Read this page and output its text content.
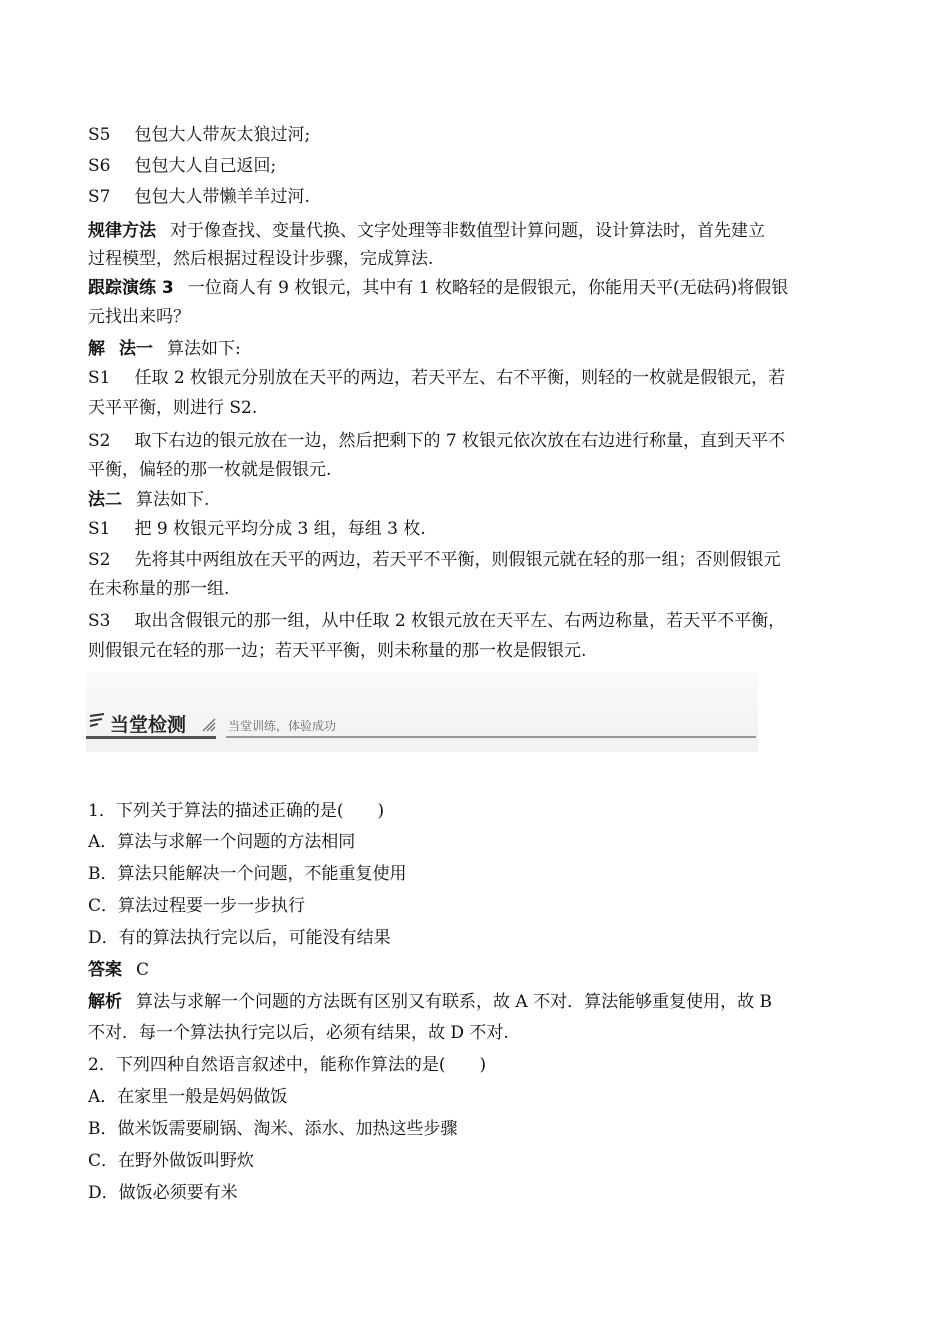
S5 包包大人带灰太狼过河;
S6 包包大人自己返回;
S7 包包大人带懒羊羊过河.
规律方法 对于像查找、变量代换、文字处理等非数值型计算问题，设计算法时，首先建立
过程模型，然后根据过程设计步骤，完成算法.
跟踪演练 3 一位商人有 9 枚银元，其中有 1 枚略轻的是假银元，你能用天平(无砝码)将假银
元找出来吗？
解 法一 算法如下:
S1 任取 2 枚银元分别放在天平的两边，若天平左、右不平衡，则轻的一枚就是假银元，若
天平平衡，则进行 S2.
S2 取下右边的银元放在一边，然后把剩下的 7 枚银元依次放在右边进行称量，直到天平不
平衡，偏轻的那一枚就是假银元.
法二 算法如下.
S1 把 9 枚银元平均分成 3 组，每组 3 枚.
S2 先将其中两组放在天平的两边，若天平不平衡，则假银元就在轻的那一组；否则假银元
在未称量的那一组.
S3 取出含假银元的那一组，从中任取 2 枚银元放在天平左、右两边称量，若天平不平衡，
则假银元在轻的那一边；若天平平衡，则未称量的那一枚是假银元.
当堂检测	当堂训练，体验成功
1．下列关于算法的描述正确的是(　　)
A．算法与求解一个问题的方法相同
B．算法只能解决一个问题，不能重复使用
C．算法过程要一步一步执行
D．有的算法执行完以后，可能没有结果
答案 C
解析 算法与求解一个问题的方法既有区别又有联系，故 A 不对．算法能够重复使用，故 B
不对．每一个算法执行完以后，必须有结果，故 D 不对.
2．下列四种自然语言叙述中，能称作算法的是(　　)
A．在家里一般是妈妈做饭
B．做米饭需要刷锅、淘米、添水、加热这些步骤
C．在野外做饭叫野炊
D．做饭必须要有米
